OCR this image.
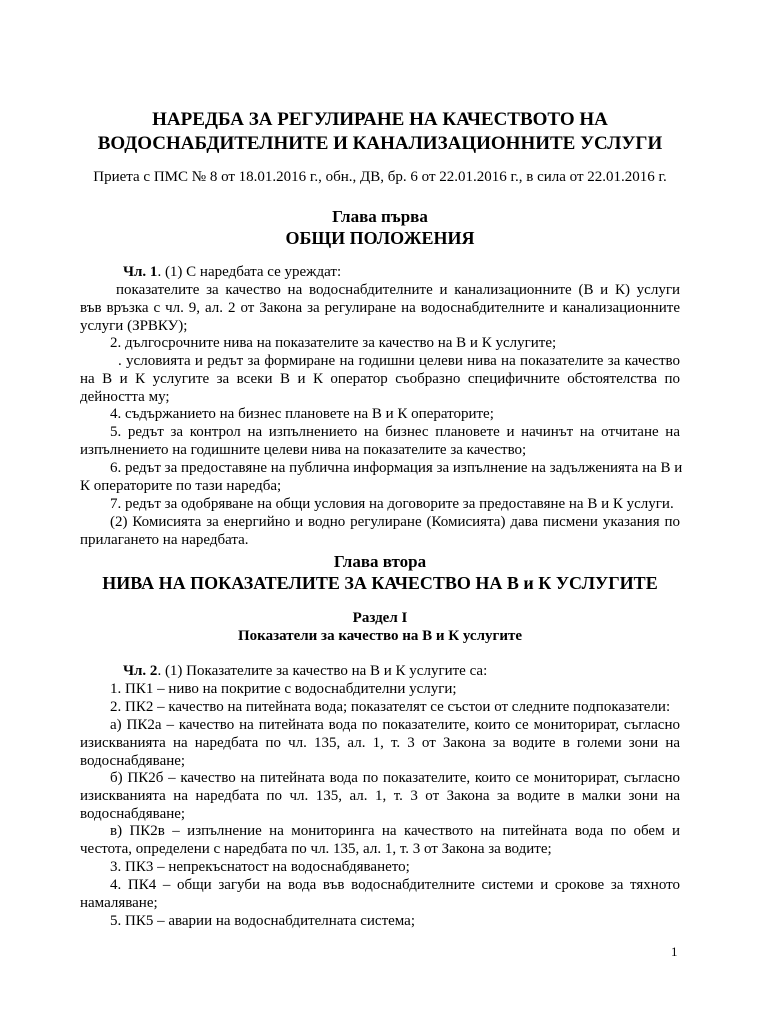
НАРЕДБА ЗА РЕГУЛИРАНЕ НА КАЧЕСТВОТО НА
ВОДОСНАБДИТЕЛНИТЕ И КАНАЛИЗАЦИОННИТЕ УСЛУГИ
Приета с ПМС № 8 от 18.01.2016 г., обн., ДВ, бр. 6 от 22.01.2016 г., в сила от 22.01.2016 г.
Глава първа
ОБЩИ ПОЛОЖЕНИЯ
Чл. 1. (1) С наредбата се уреждат:
показателите за качество на водоснабдителните и канализационните (В и К) услуги
във връзка с чл. 9, ал. 2 от Закона за регулиране на водоснабдителните и канализационните
услуги (ЗРВКУ);
2. дългосрочните нива на показателите за качество на В и К услугите;
. условията и редът за формиране на годишни целеви нива на показателите за качество
на В и К услугите за всеки В и К оператор съобразно специфичните обстоятелства по
дейността му;
4. съдържанието на бизнес плановете на В и К операторите;
5. редът за контрол на изпълнението на бизнес плановете и начинът на отчитане на
изпълнението на годишните целеви нива на показателите за качество;
6. редът за предоставяне на публична информация за изпълнение на задълженията на В и
К операторите по тази наредба;
7. редът за одобряване на общи условия на договорите за предоставяне на В и К услуги.
(2) Комисията за енергийно и водно регулиране (Комисията) дава писмени указания по
прилагането на наредбата.
Глава втора
НИВА НА ПОКАЗАТЕЛИТЕ ЗА КАЧЕСТВО НА В и К УСЛУГИТЕ
Раздел I
Показатели за качество на В и К услугите
Чл. 2. (1) Показателите за качество на В и К услугите са:
1. ПК1 – ниво на покритие с водоснабдителни услуги;
2. ПК2 – качество на питейната вода; показателят се състои от следните подпоказатели:
а) ПК2а – качество на питейната вода по показателите, които се мониторират, съгласно
изискванията на наредбата по чл. 135, ал. 1, т. 3 от Закона за водите в големи зони на
водоснабдяване;
б) ПК2б – качество на питейната вода по показателите, които се мониторират, съгласно
изискванията на наредбата по чл. 135, ал. 1, т. 3 от Закона за водите в малки зони на
водоснабдяване;
в) ПК2в – изпълнение на мониторинга на качеството на питейната вода по обем и
честота, определени с наредбата по чл. 135, ал. 1, т. 3 от Закона за водите;
3. ПК3 – непрекъснатост на водоснабдяването;
4. ПК4 – общи загуби на вода във водоснабдителните системи и срокове за тяхното
намаляване;
5. ПК5 – аварии на водоснабдителната система;
1
